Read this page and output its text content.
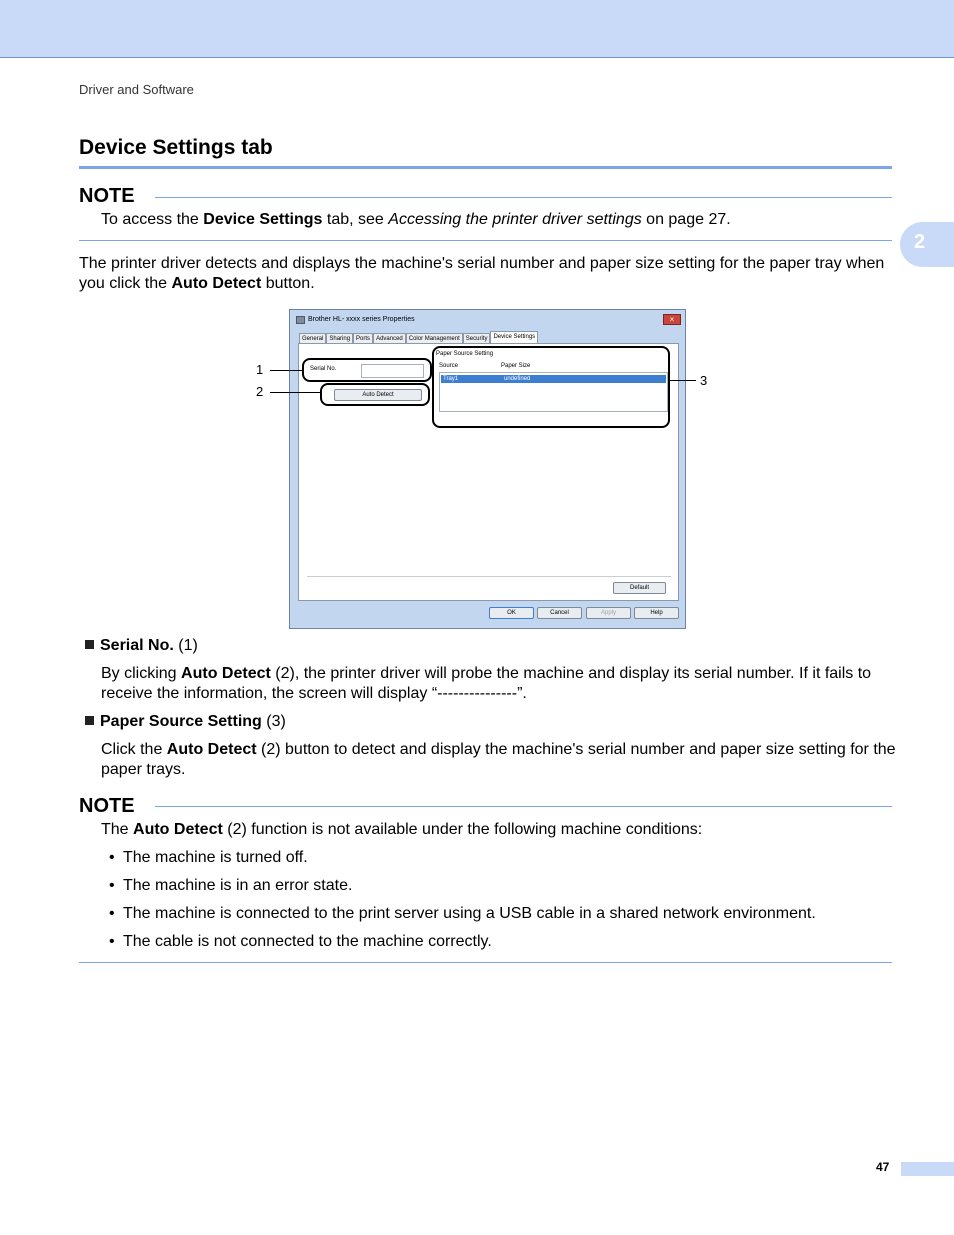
Driver and Software
2
Device Settings tab
NOTE
To access the Device Settings tab, see Accessing the printer driver settings on page 27.
The printer driver detects and displays the machine's serial number and paper size setting for the paper tray when you click the Auto Detect button.
Brother HL- xxxx series Properties	×
General	Sharing	Ports	Advanced	Color Management	Security	Device Settings
Serial No.
Auto Detect
Paper Source Setting
Source	Paper Size
Tray1	undefined
Default
OK	Cancel	Apply	Help
1
2
3
Serial No. (1)
By clicking Auto Detect (2), the printer driver will probe the machine and display its serial number. If it fails to receive the information, the screen will display “---------------”.
Paper Source Setting (3)
Click the Auto Detect (2) button to detect and display the machine's serial number and paper size setting for the paper trays.
NOTE
The Auto Detect (2) function is not available under the following machine conditions:
• The machine is turned off.
• The machine is in an error state.
• The machine is connected to the print server using a USB cable in a shared network environment.
• The cable is not connected to the machine correctly.
47
